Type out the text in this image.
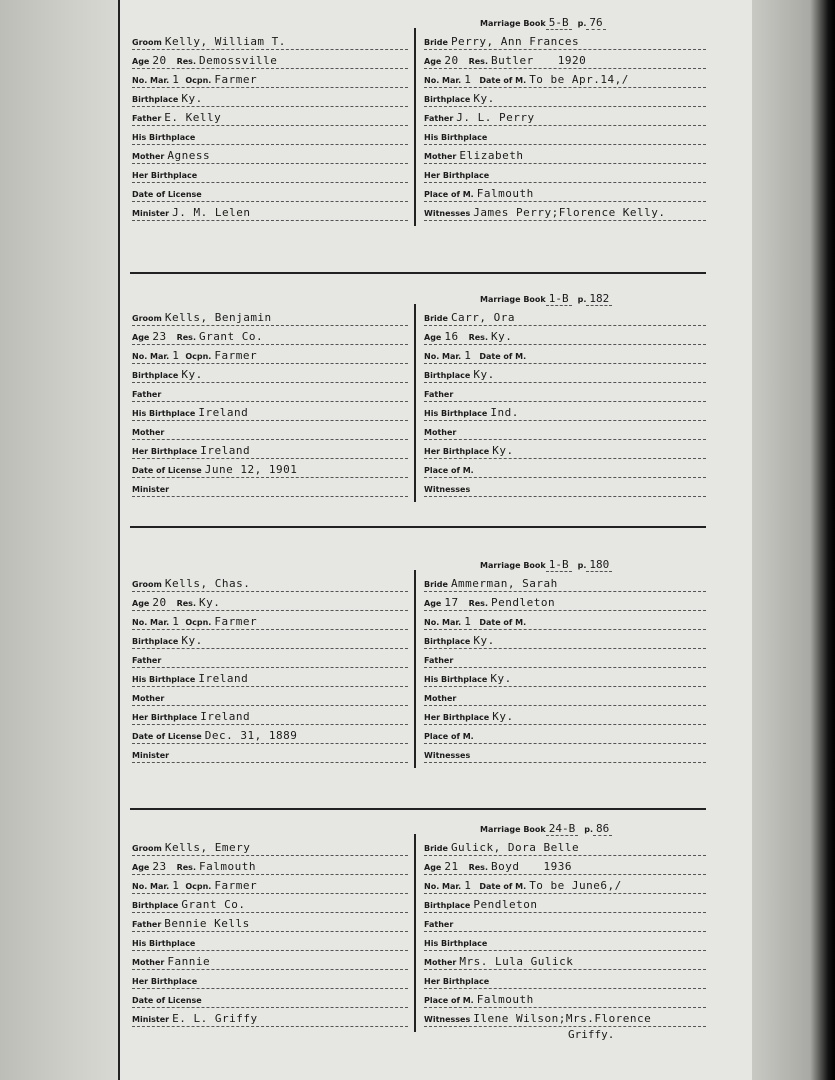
Marriage Book 5-B p. 76
Groom Kelly, William T.
Age 20 Res. Demossville
No. Mar. 1 Ocpn. Farmer
Birthplace Ky.
Father E. Kelly
His Birthplace
Mother Agness
Her Birthplace
Date of License
Minister J. M. Lelen
Bride Perry, Ann Frances
Age 20 Res. Butler 1920
No. Mar. 1 Date of M. To be Apr.14,/
Birthplace Ky.
Father J. L. Perry
His Birthplace
Mother Elizabeth
Her Birthplace
Place of M. Falmouth
Witnesses James Perry;Florence Kelly.
Marriage Book 1-B p. 182
Groom Kells, Benjamin
Age 23 Res. Grant Co.
No. Mar. 1 Ocpn. Farmer
Birthplace Ky.
Father
His Birthplace Ireland
Mother
Her Birthplace Ireland
Date of License June 12, 1901
Minister
Bride Carr, Ora
Age 16 Res. Ky.
No. Mar. 1 Date of M.
Birthplace Ky.
Father
His Birthplace Ind.
Mother
Her Birthplace Ky.
Place of M.
Witnesses
Marriage Book 1-B p. 180
Groom Kells, Chas.
Age 20 Res. Ky.
No. Mar. 1 Ocpn. Farmer
Birthplace Ky.
Father
His Birthplace Ireland
Mother
Her Birthplace Ireland
Date of License Dec. 31, 1889
Minister
Bride Ammerman, Sarah
Age 17 Res. Pendleton
No. Mar. 1 Date of M.
Birthplace Ky.
Father
His Birthplace Ky.
Mother
Her Birthplace Ky.
Place of M.
Witnesses
Marriage Book 24-B p. 86
Groom Kells, Emery
Age 23 Res. Falmouth
No. Mar. 1 Ocpn. Farmer
Birthplace Grant Co.
Father Bennie Kells
His Birthplace
Mother Fannie
Her Birthplace
Date of License
Minister E. L. Griffy
Bride Gulick, Dora Belle
Age 21 Res. Boyd 1936
No. Mar. 1 Date of M. To be June6,/
Birthplace Pendleton
Father
His Birthplace
Mother Mrs. Lula Gulick
Her Birthplace
Place of M. Falmouth
Witnesses Ilene Wilson;Mrs.Florence
Griffy.
